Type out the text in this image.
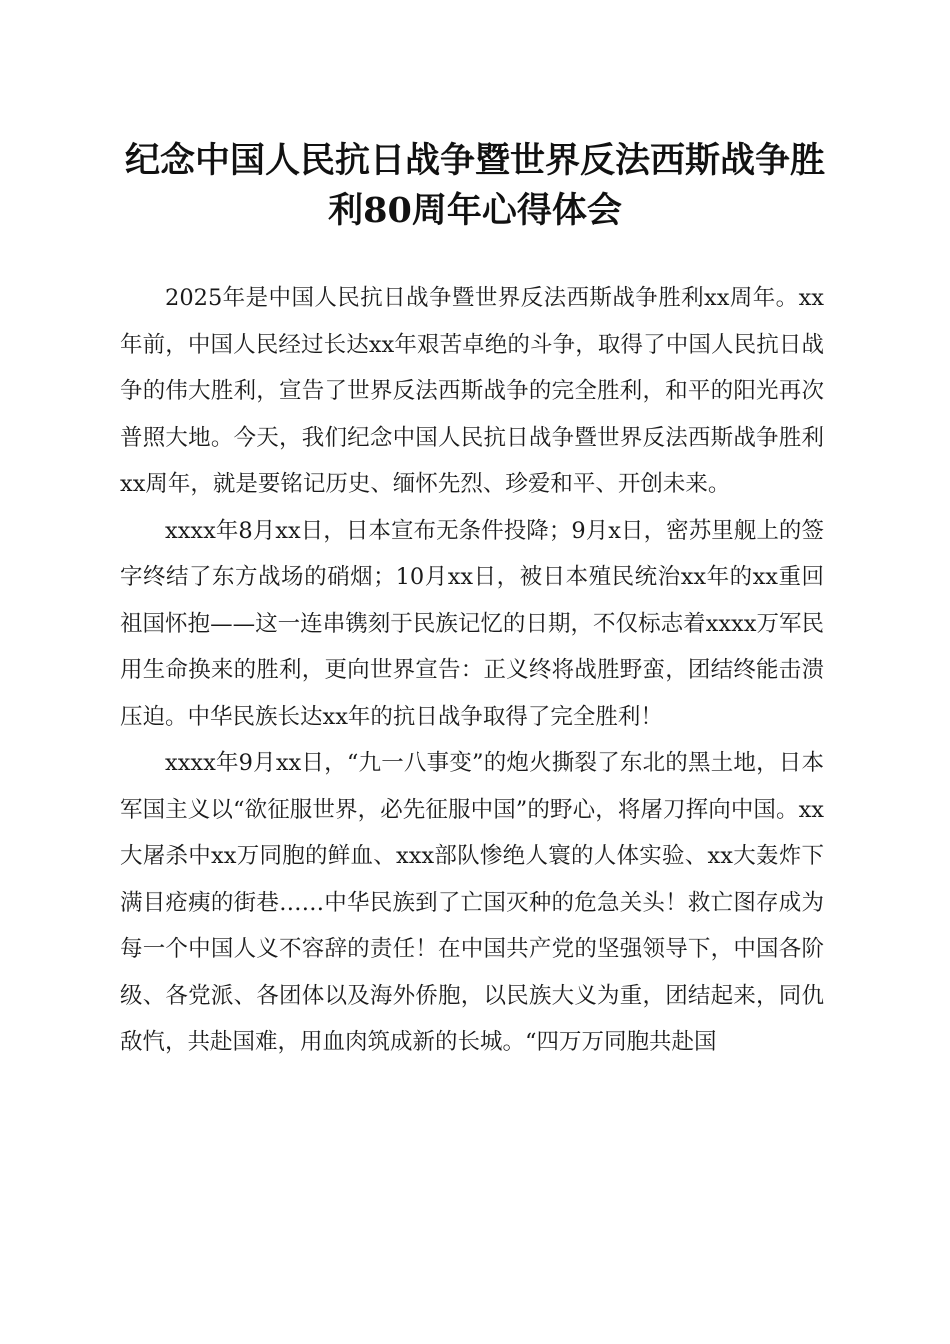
纪念中国人民抗日战争暨世界反法西斯战争胜
利80周年心得体会

2025年是中国人民抗日战争暨世界反法西斯战争胜利xx周年。xx年前，中国人民经过长达xx年艰苦卓绝的斗争，取得了中国人民抗日战争的伟大胜利，宣告了世界反法西斯战争的完全胜利，和平的阳光再次普照大地。今天，我们纪念中国人民抗日战争暨世界反法西斯战争胜利xx周年，就是要铭记历史、缅怀先烈、珍爱和平、开创未来。

xxxx年8月xx日，日本宣布无条件投降；9月x日，密苏里舰上的签字终结了东方战场的硝烟；10月xx日，被日本殖民统治xx年的xx重回祖国怀抱——这一连串镌刻于民族记忆的日期，不仅标志着xxxx万军民用生命换来的胜利，更向世界宣告：正义终将战胜野蛮，团结终能击溃压迫。中华民族长达xx年的抗日战争取得了完全胜利！

xxxx年9月xx日，“九一八事变”的炮火撕裂了东北的黑土地，日本军国主义以“欲征服世界，必先征服中国”的野心，将屠刀挥向中国。xx大屠杀中xx万同胞的鲜血、xxx部队惨绝人寰的人体实验、xx大轰炸下满目疮痍的街巷……中华民族到了亡国灭种的危急关头！救亡图存成为每一个中国人义不容辞的责任！在中国共产党的坚强领导下，中国各阶级、各党派、各团体以及海外侨胞，以民族大义为重，团结起来，同仇敌忾，共赴国难，用血肉筑成新的长城。“四万万同胞共赴国
